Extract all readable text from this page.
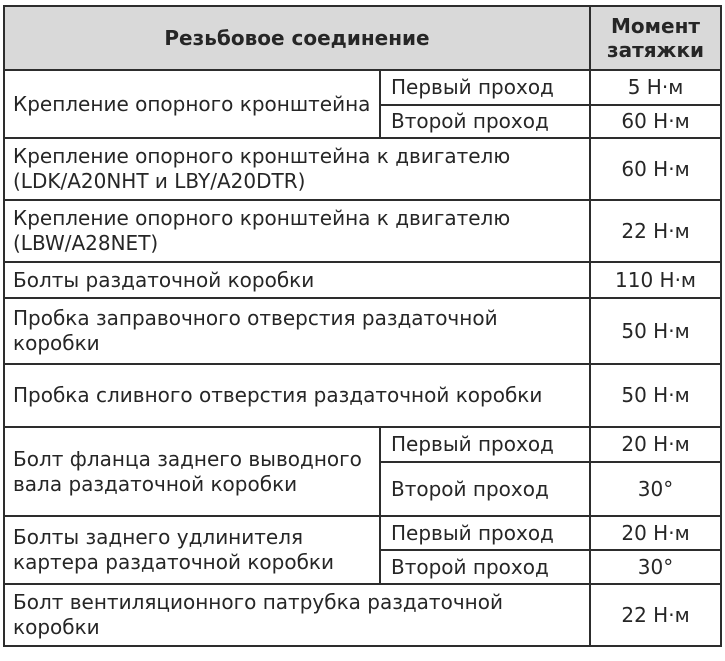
Резьбовое соединение		Момент
затяжки
Крепление опорного кронштейна	Первый проход	5 Н·м
	Второй проход	60 Н·м
Крепление опорного кронштейна к двигателю (LDK/A20NHT и LBY/A20DTR)		60 Н·м
Крепление опорного кронштейна к двигателю (LBW/A28NET)		22 Н·м
Болты раздаточной коробки		110 Н·м
Пробка заправочного отверстия раздаточной коробки		50 Н·м
Пробка сливного отверстия раздаточной коробки		50 Н·м
Болт фланца заднего выводного вала раздаточной коробки	Первый проход	20 Н·м
	Второй проход	30°
Болты заднего удлинителя картера раздаточной коробки	Первый проход	20 Н·м
	Второй проход	30°
Болт вентиляционного патрубка раздаточной коробки		22 Н·м
